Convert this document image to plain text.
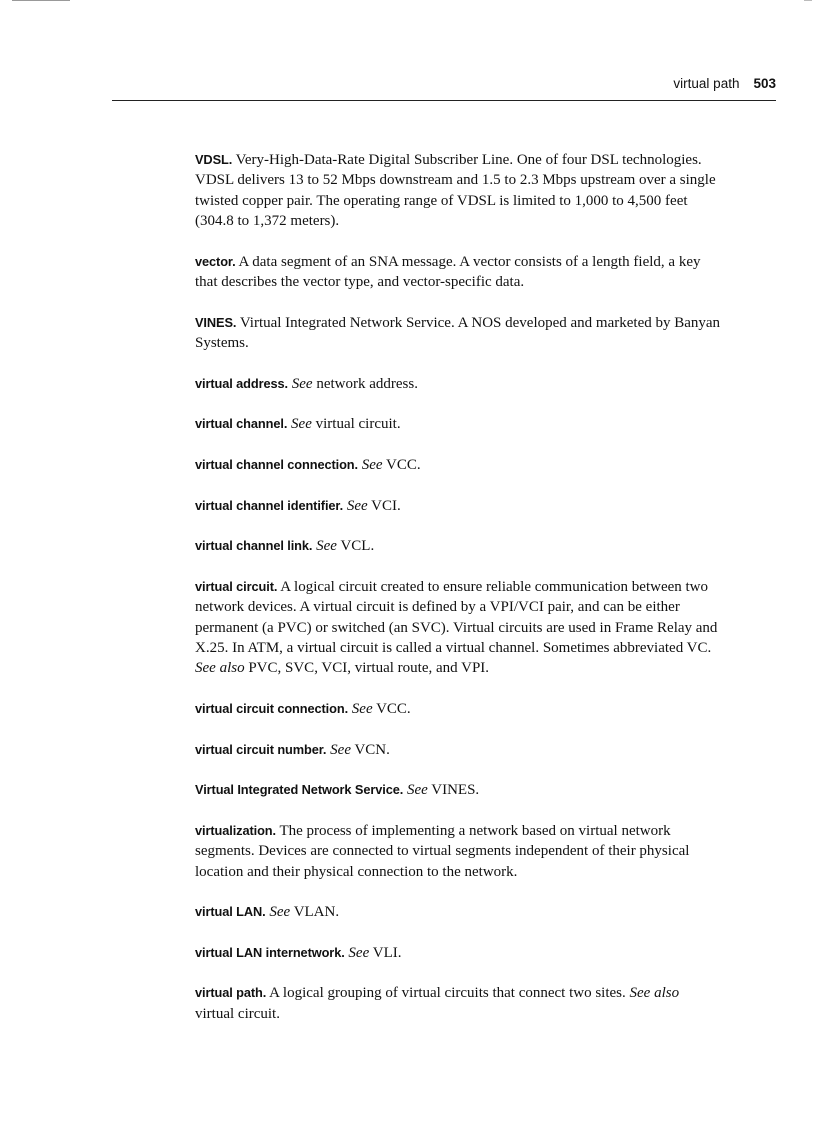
virtual path 503

VDSL. Very-High-Data-Rate Digital Subscriber Line. One of four DSL technologies. VDSL delivers 13 to 52 Mbps downstream and 1.5 to 2.3 Mbps upstream over a single twisted copper pair. The operating range of VDSL is limited to 1,000 to 4,500 feet (304.8 to 1,372 meters).

vector. A data segment of an SNA message. A vector consists of a length field, a key that describes the vector type, and vector-specific data.

VINES. Virtual Integrated Network Service. A NOS developed and marketed by Banyan Systems.

virtual address. See network address.

virtual channel. See virtual circuit.

virtual channel connection. See VCC.

virtual channel identifier. See VCI.

virtual channel link. See VCL.

virtual circuit. A logical circuit created to ensure reliable communication between two network devices. A virtual circuit is defined by a VPI/VCI pair, and can be either permanent (a PVC) or switched (an SVC). Virtual circuits are used in Frame Relay and X.25. In ATM, a virtual circuit is called a virtual channel. Sometimes abbreviated VC. See also PVC, SVC, VCI, virtual route, and VPI.

virtual circuit connection. See VCC.

virtual circuit number. See VCN.

Virtual Integrated Network Service. See VINES.

virtualization. The process of implementing a network based on virtual network segments. Devices are connected to virtual segments independent of their physical location and their physical connection to the network.

virtual LAN. See VLAN.

virtual LAN internetwork. See VLI.

virtual path. A logical grouping of virtual circuits that connect two sites. See also virtual circuit.
